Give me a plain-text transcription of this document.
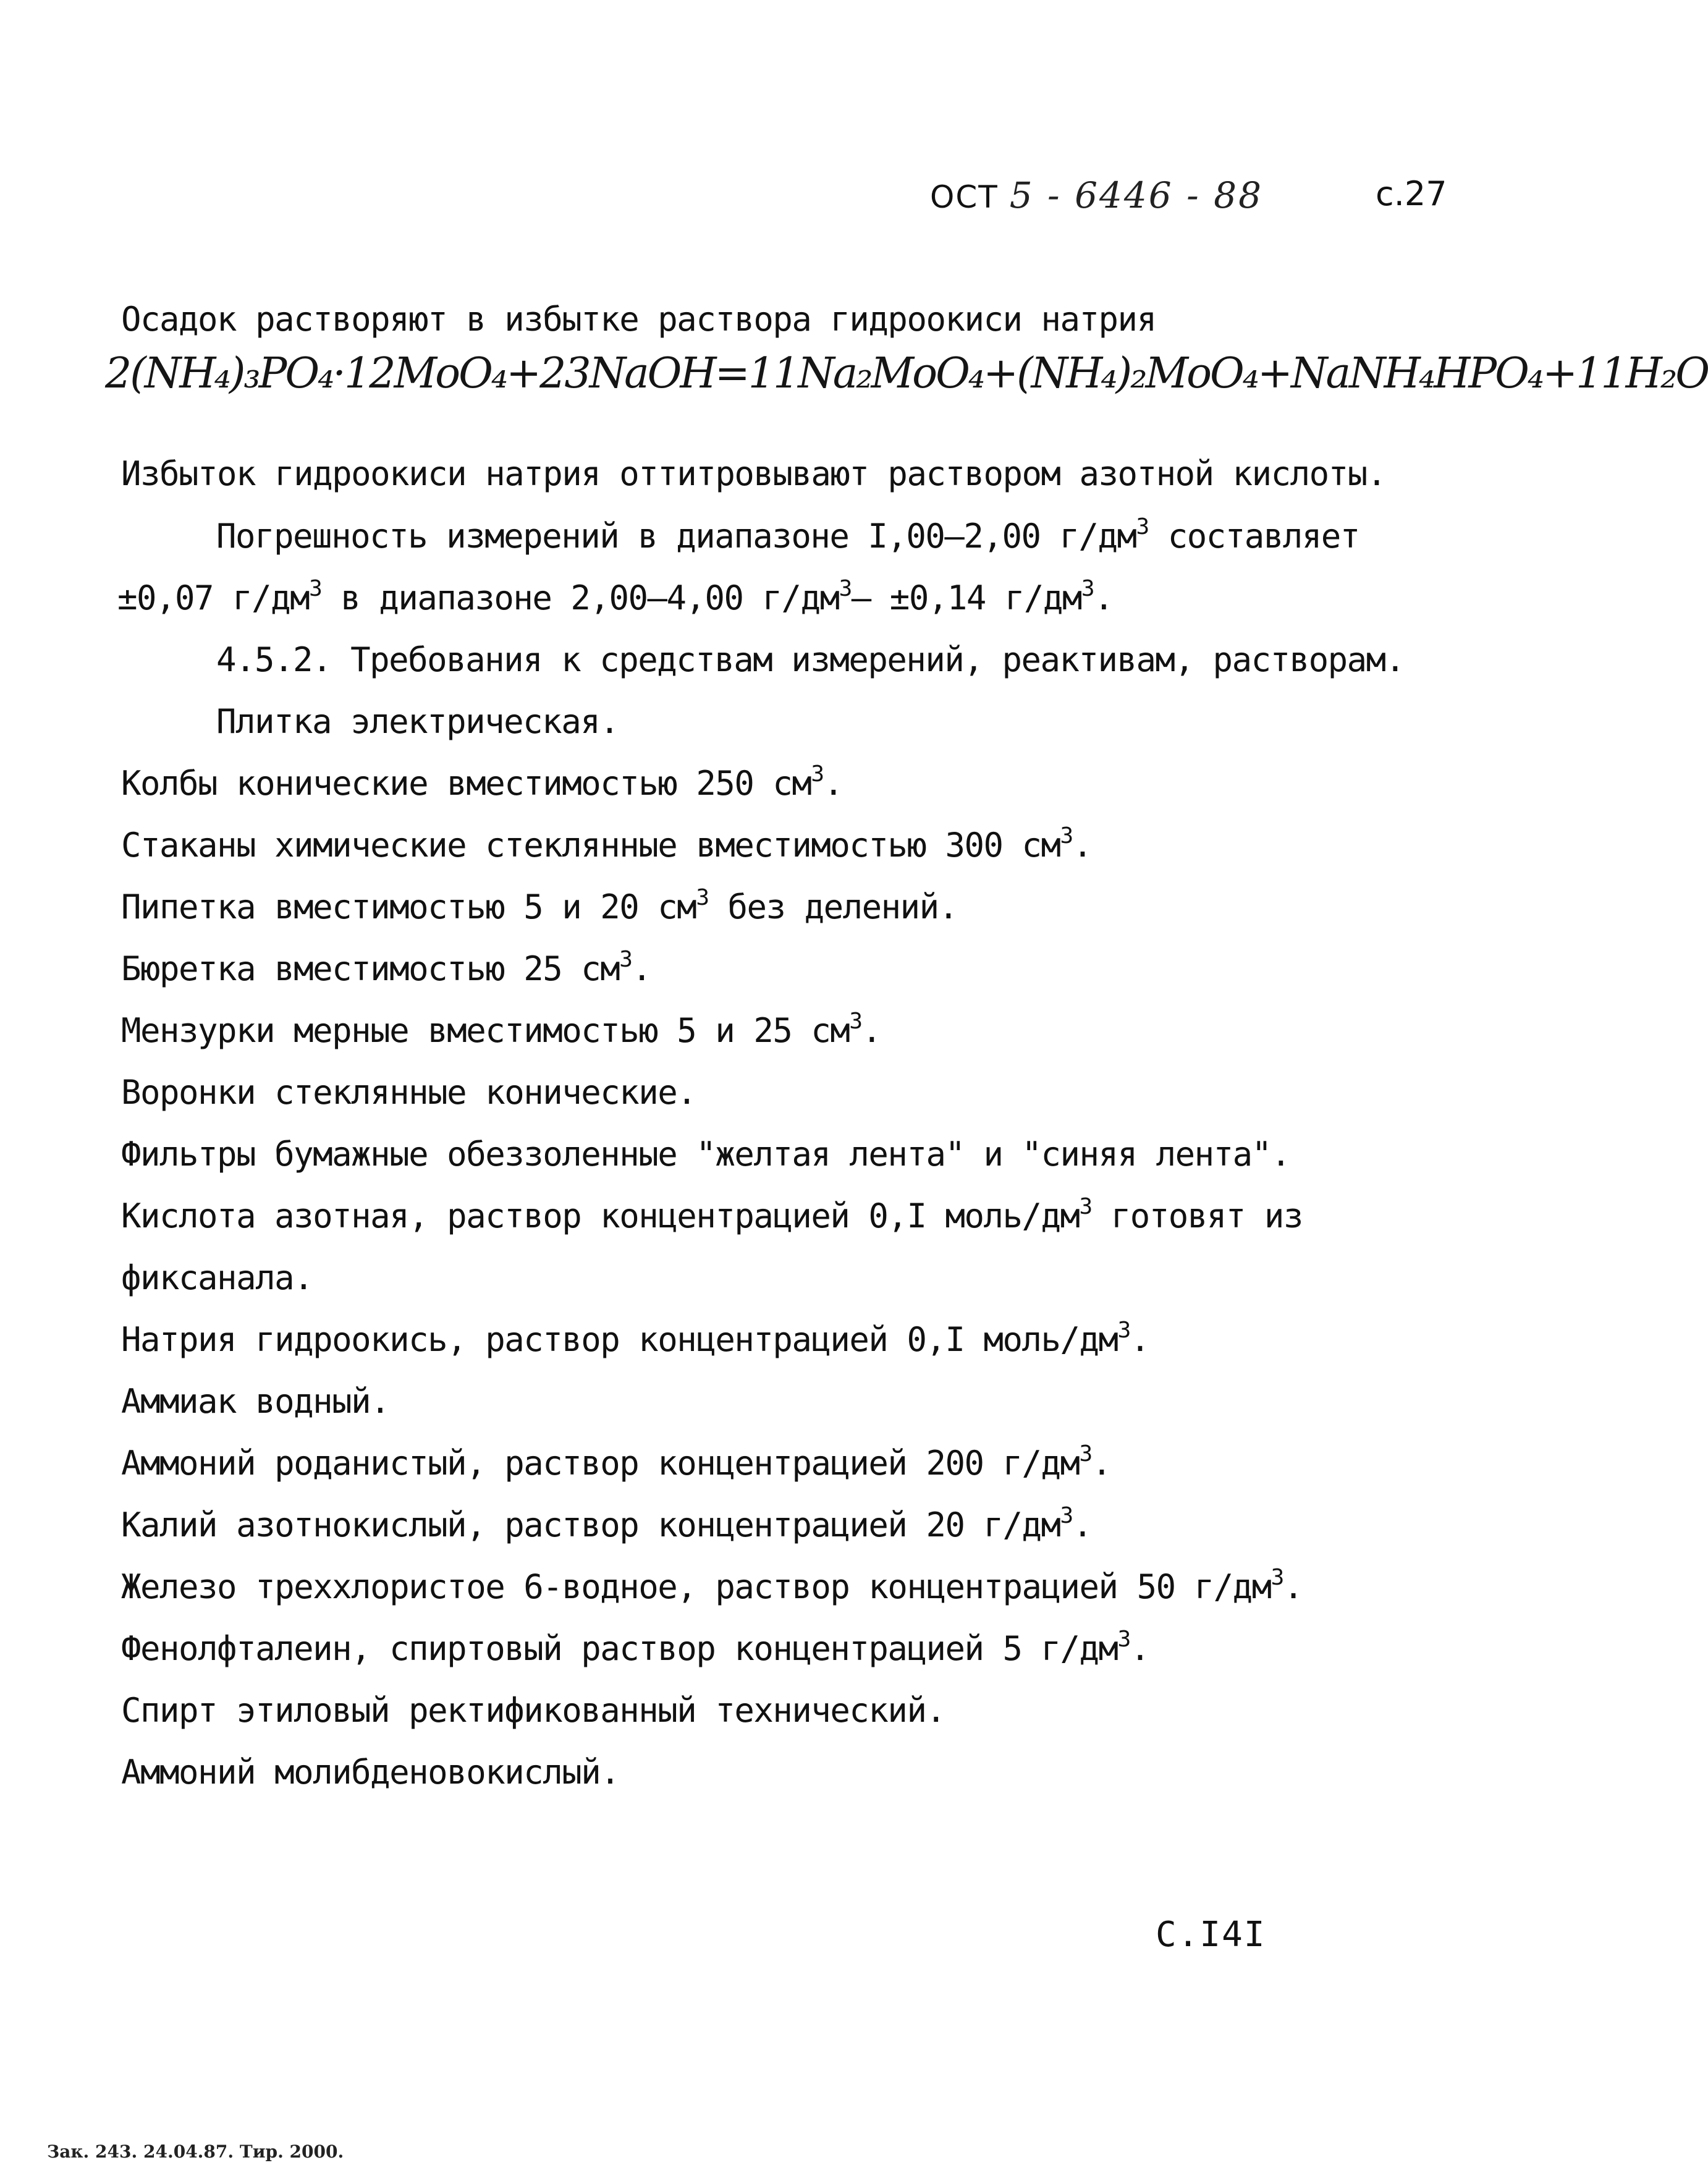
ОСТ 5 - 6446 - 88	с.27
Осадок растворяют в избытке раствора гидроокиси натрия
2(NH₄)₃PO₄·12MoO₄+23NaOH=11Na₂MoO₄+(NH₄)₂MoO₄+NaNH₄HPO₄+11H₂O
Избыток гидроокиси натрия оттитровывают раствором азотной кислоты.
Погрешность измерений в диапазоне I,00–2,00 $г/дм^3$ составляет
±0,07 $г/дм^3$ в диапазоне 2,00–4,00 $г/дм^3— \pm 0,14$ $г/дм^3$.
4.5.2. Требования к средствам измерений, реактивам, растворам.
Плитка электрическая.
Колбы конические вместимостью 250 $см^3$.
Стаканы химические стеклянные вместимостью 300 $см^3$.
Пипетка вместимостью 5 и 20 $см^3$ без делений.
Бюретка вместимостью 25 $см^3$.
Мензурки мерные вместимостью 5 и 25 $см^3$.
Воронки стеклянные конические.
Фильтры бумажные обеззоленные "желтая лента" и "синяя лента".
Кислота азотная, раствор концентрацией 0,I моль/$дм^3$ готовят из
фиксанала.
Натрия гидроокись, раствор концентрацией 0,I моль/$дм^3$.
Аммиак водный.
Аммоний роданистый, раствор концентрацией 200 $г/дм^3$.
Калий азотнокислый, раствор концентрацией 20 $г/дм^3$.
Железо треххлористое 6-водное, раствор концентрацией 50 $г/дм^3$.
Фенолфталеин, спиртовый раствор концентрацией 5 $г/дм^3$.
Спирт этиловый ректификованный технический.
Аммоний молибденовокислый.
С.I4I
Зак. 243. 24.04.87. Тир. 2000.
